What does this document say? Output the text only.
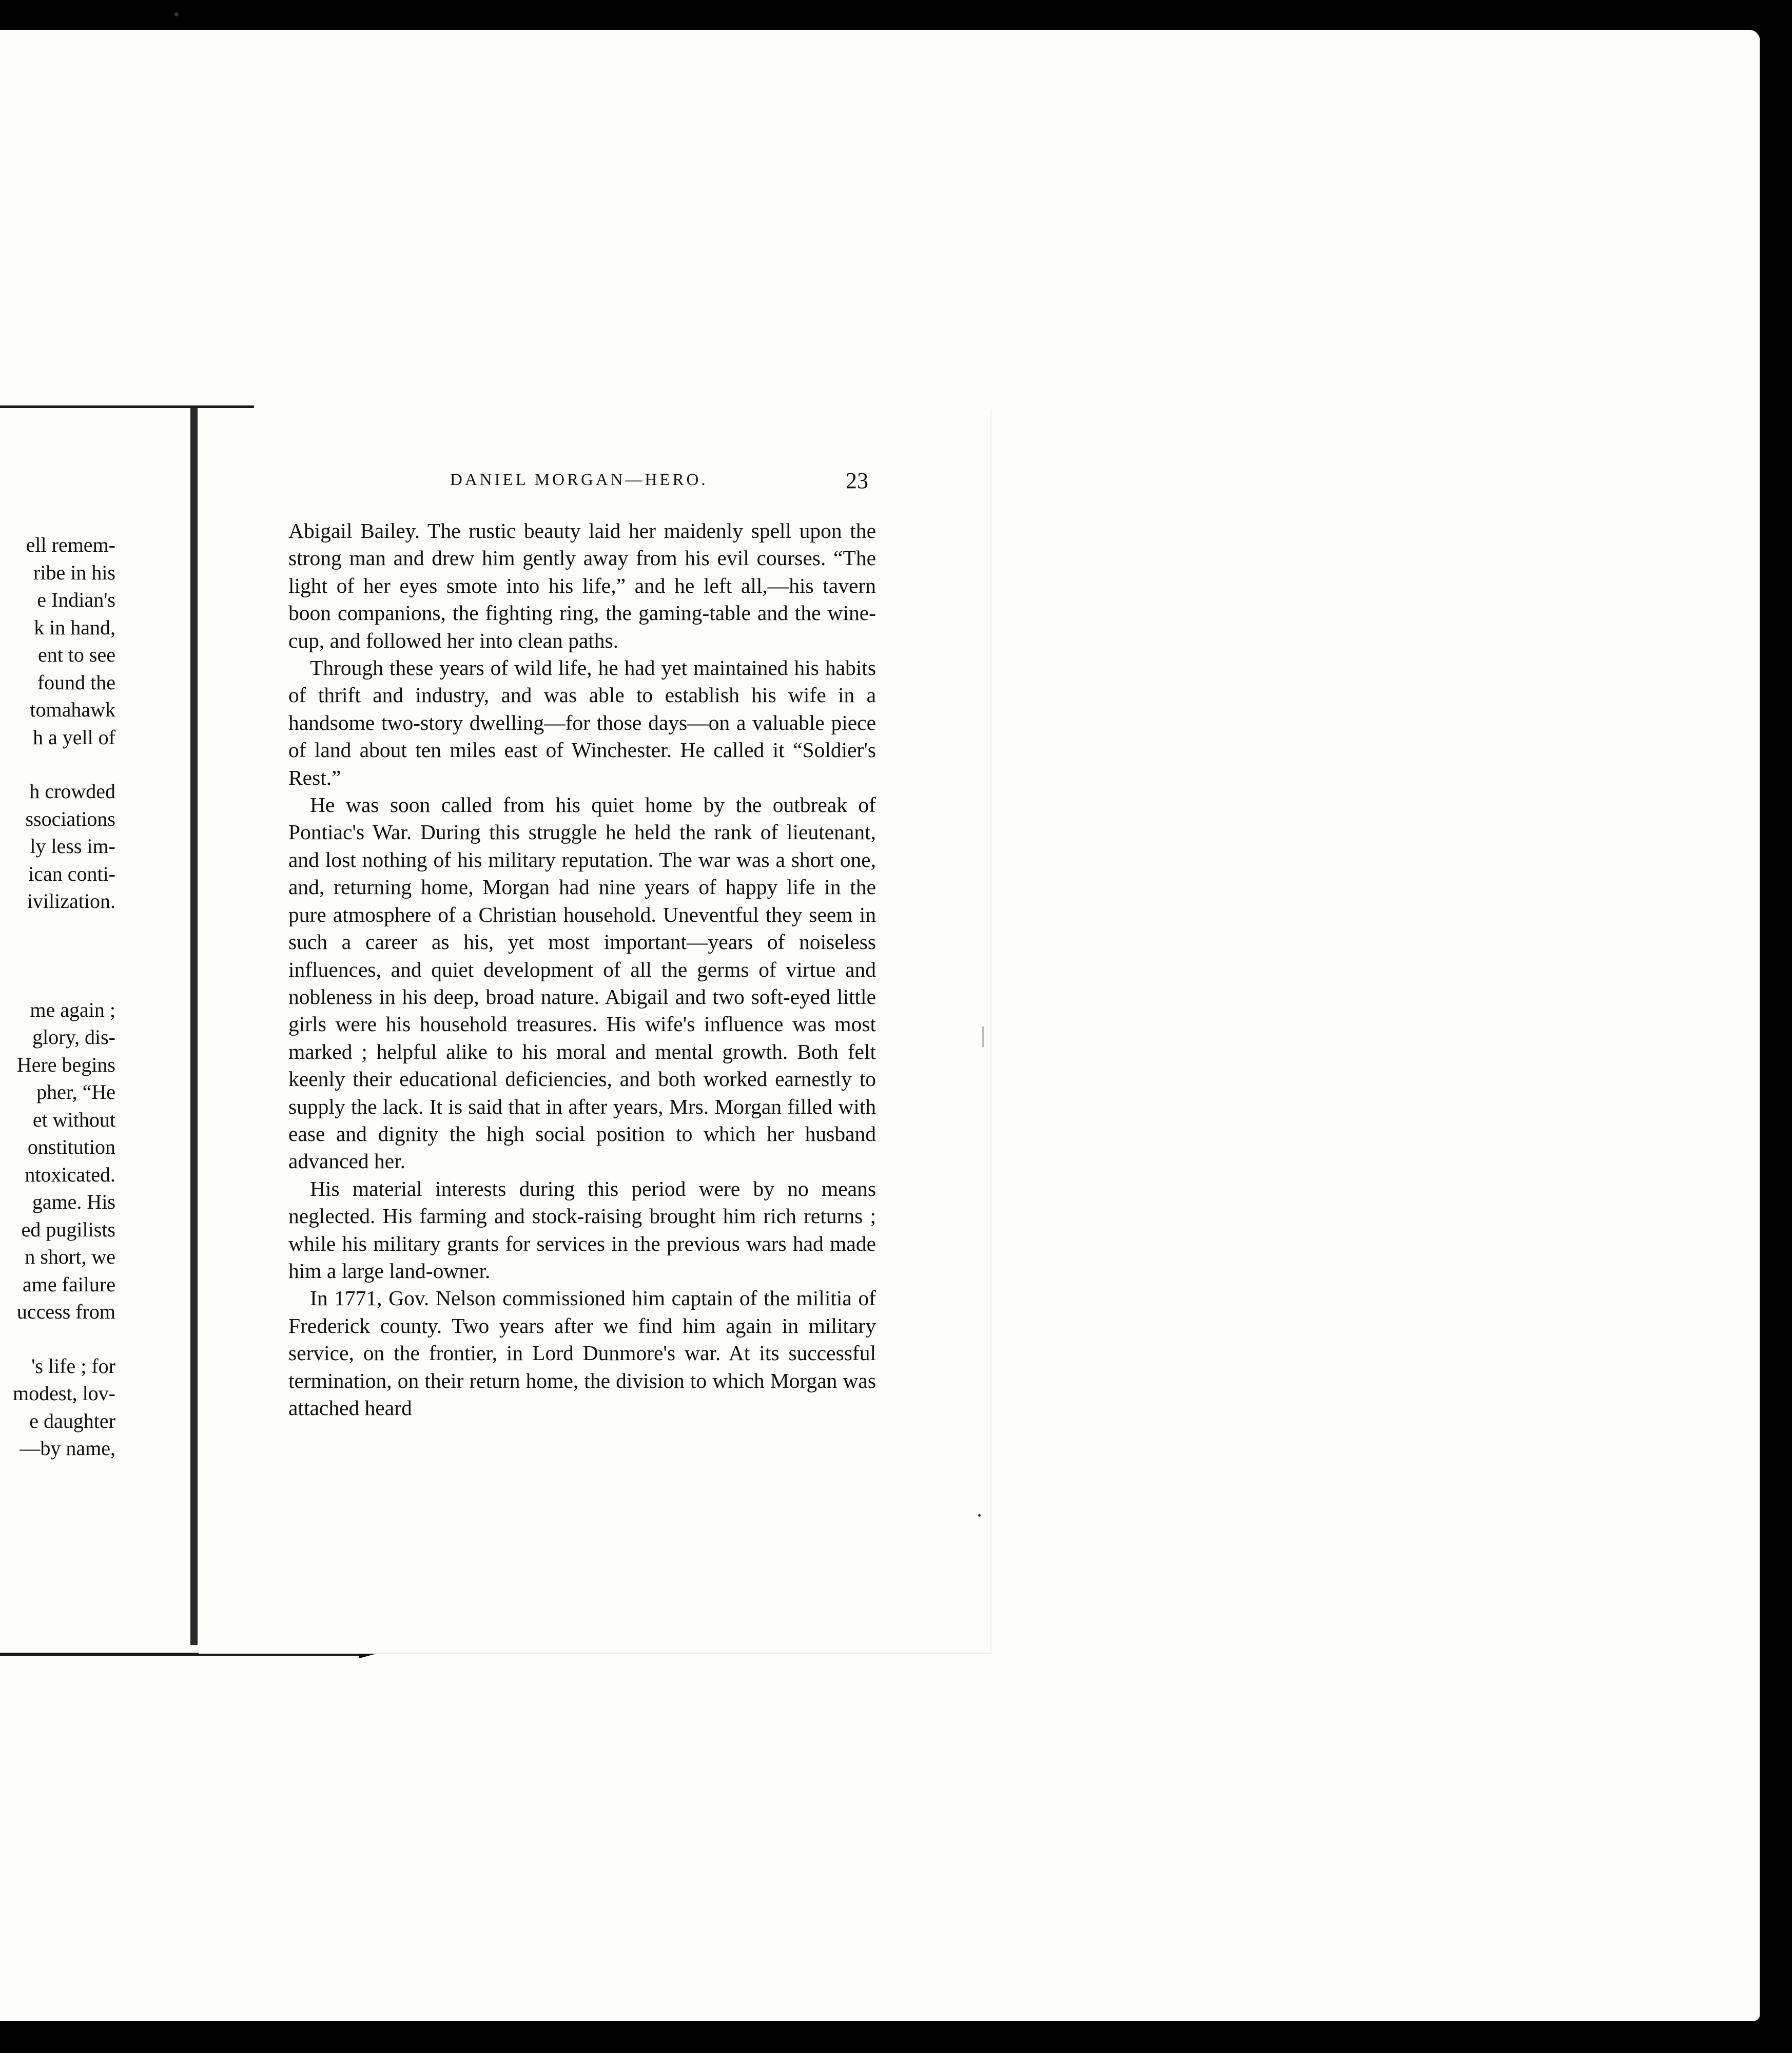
ell remem-
ribe in his
e Indian's
k in hand,
ent to see
found the
tomahawk
h a yell of
h crowded
ssociations
ly less im-
ican conti-
ivilization.
me again ;
glory, dis-
Here begins
pher, “He
et without
onstitution
ntoxicated.
game. His
ed pugilists
n short, we
ame failure
uccess from
's life ; for
modest, lov-
e daughter
—by name,
DANIEL MORGAN—HERO.	23

Abigail Bailey. The rustic beauty laid her maidenly spell upon the strong man and drew him gently away from his evil courses. “The light of her eyes smote into his life,” and he left all,—his tavern boon companions, the fighting ring, the gaming-table and the wine-cup, and followed her into clean paths.

Through these years of wild life, he had yet maintained his habits of thrift and industry, and was able to establish his wife in a handsome two-story dwelling—for those days—on a valuable piece of land about ten miles east of Winchester. He called it “Soldier's Rest.”

He was soon called from his quiet home by the outbreak of Pontiac's War. During this struggle he held the rank of lieutenant, and lost nothing of his military reputation. The war was a short one, and, returning home, Morgan had nine years of happy life in the pure atmosphere of a Christian household. Uneventful they seem in such a career as his, yet most important—years of noiseless influences, and quiet development of all the germs of virtue and nobleness in his deep, broad nature. Abigail and two soft-eyed little girls were his household treasures. His wife's influence was most marked ; helpful alike to his moral and mental growth. Both felt keenly their educational deficiencies, and both worked earnestly to supply the lack. It is said that in after years, Mrs. Morgan filled with ease and dignity the high social position to which her husband advanced her.

His material interests during this period were by no means neglected. His farming and stock-raising brought him rich returns ; while his military grants for services in the previous wars had made him a large land-owner.

In 1771, Gov. Nelson commissioned him captain of the militia of Frederick county. Two years after we find him again in military service, on the frontier, in Lord Dunmore's war. At its successful termination, on their return home, the division to which Morgan was attached heard
